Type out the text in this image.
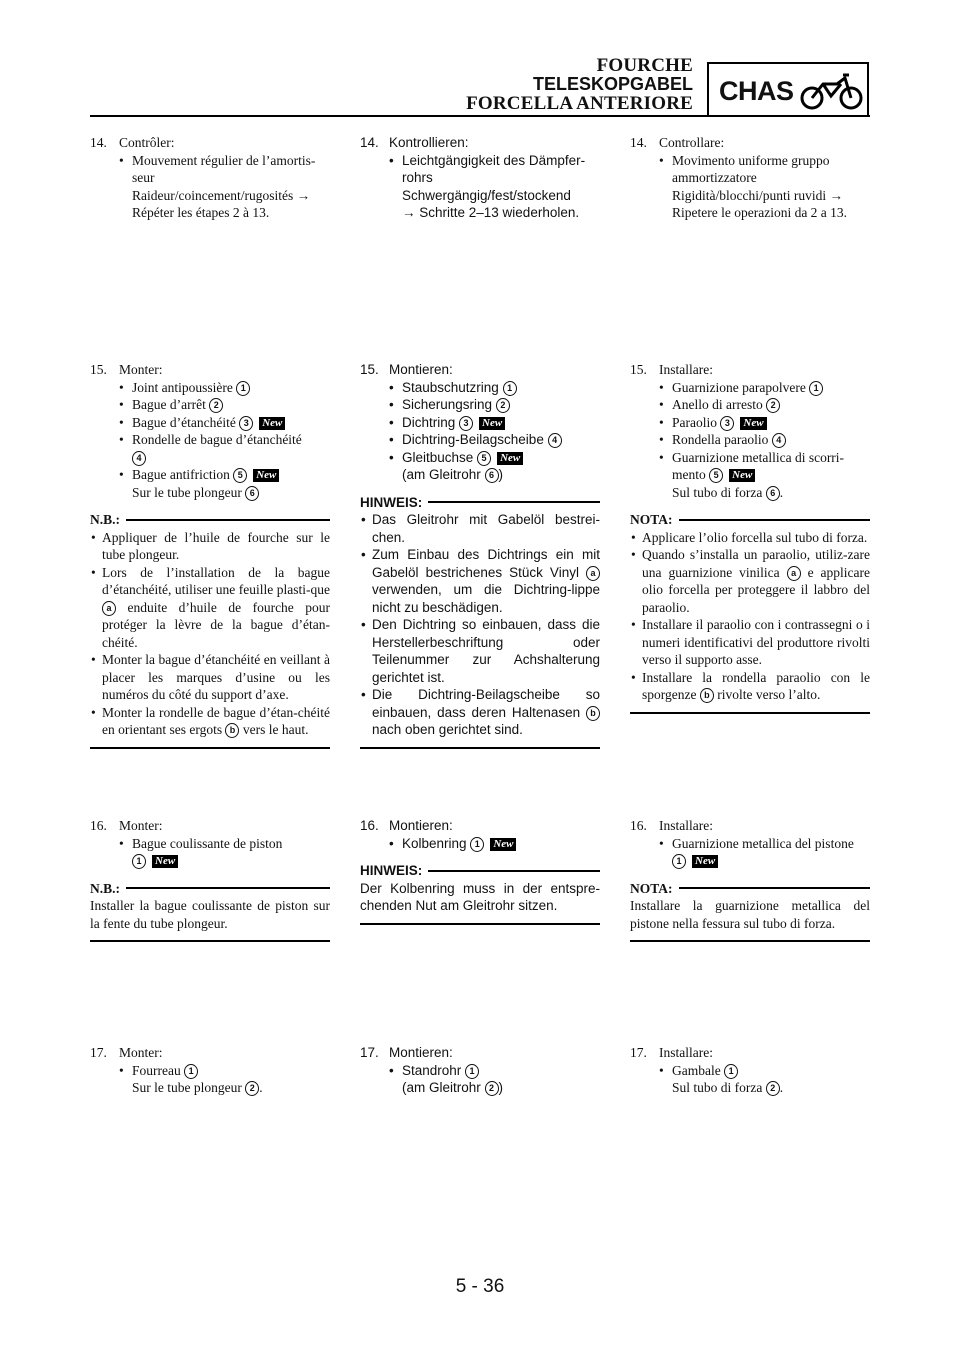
FOURCHE
TELESKOPGABEL
FORCELLA ANTERIORE CHAS
14. Contrôler:
• Mouvement régulier de l’amortis-
seur
Raideur/coincement/rugosités →
Répéter les étapes 2 à 13.
14. Kontrollieren:
• Leichtgängigkeit des Dämpfer-
rohrs
Schwergängig/fest/stockend
→ Schritte 2–13 wiederholen.
14. Controllare:
• Movimento uniforme gruppo
ammortizzatore
Rigidità/blocchi/punti ruvidi →
Ripetere le operazioni da 2 a 13.
15. Monter:
• Joint antipoussière 1
• Bague d’arrêt 2
• Bague d’étanchéité 3 New
• Rondelle de bague d’étanchéité
4
• Bague antifriction 5 New
Sur le tube plongeur 6
N.B.:
• Appliquer de l’huile de fourche sur le tube plongeur.
• Lors de l’installation de la bague d’étanchéité, utiliser une feuille plasti-que a enduite d’huile de fourche pour protéger la lèvre de la bague d’étan-chéité.
• Monter la bague d’étanchéité en veillant à placer les marques d’usine ou les numéros du côté du support d’axe.
• Monter la rondelle de bague d’étan-chéité en orientant ses ergots b vers le haut.
15. Montieren:
• Staubschutzring 1
• Sicherungsring 2
• Dichtring 3 New
• Dichtring-Beilagscheibe 4
• Gleitbuchse 5 New
(am Gleitrohr 6 )
HINWEIS:
• Das Gleitrohr mit Gabelöl bestrei-chen.
• Zum Einbau des Dichtrings ein mit Gabelöl bestrichenes Stück Vinyl a verwenden, um die Dichtring-lippe nicht zu beschädigen.
• Den Dichtring so einbauen, dass die Herstellerbeschriftung oder Teilenummer zur Achshalterung gerichtet ist.
• Die Dichtring-Beilagscheibe so einbauen, dass deren Haltenasen b nach oben gerichtet sind.
15. Installare:
• Guarnizione parapolvere 1
• Anello di arresto 2
• Paraolio 3 New
• Rondella paraolio 4
• Guarnizione metallica di scorri-mento 5 New
Sul tubo di forza 6 .
NOTA:
• Applicare l’olio forcella sul tubo di forza.
• Quando s’installa un paraolio, utiliz-zare una guarnizione vinilica a e applicare olio forcella per proteggere il labbro del paraolio.
• Installare il paraolio con i contrassegni o i numeri identificativi del produttore rivolti verso il supporto asse.
• Installare la rondella paraolio con le sporgenze b rivolte verso l’alto.
16. Monter:
• Bague coulissante de piston
1 New
N.B.:
Installer la bague coulissante de piston sur la fente du tube plongeur.
16. Montieren:
• Kolbenring 1 New
HINWEIS:
Der Kolbenring muss in der entspre-chenden Nut am Gleitrohr sitzen.
16. Installare:
• Guarnizione metallica del pistone
1 New
NOTA:
Installare la guarnizione metallica del pistone nella fessura sul tubo di forza.
17. Monter:
• Fourreau 1
Sur le tube plongeur 2 .
17. Montieren:
• Standrohr 1
(am Gleitrohr 2 )
17. Installare:
• Gambale 1
Sul tubo di forza 2 .
5 - 36
